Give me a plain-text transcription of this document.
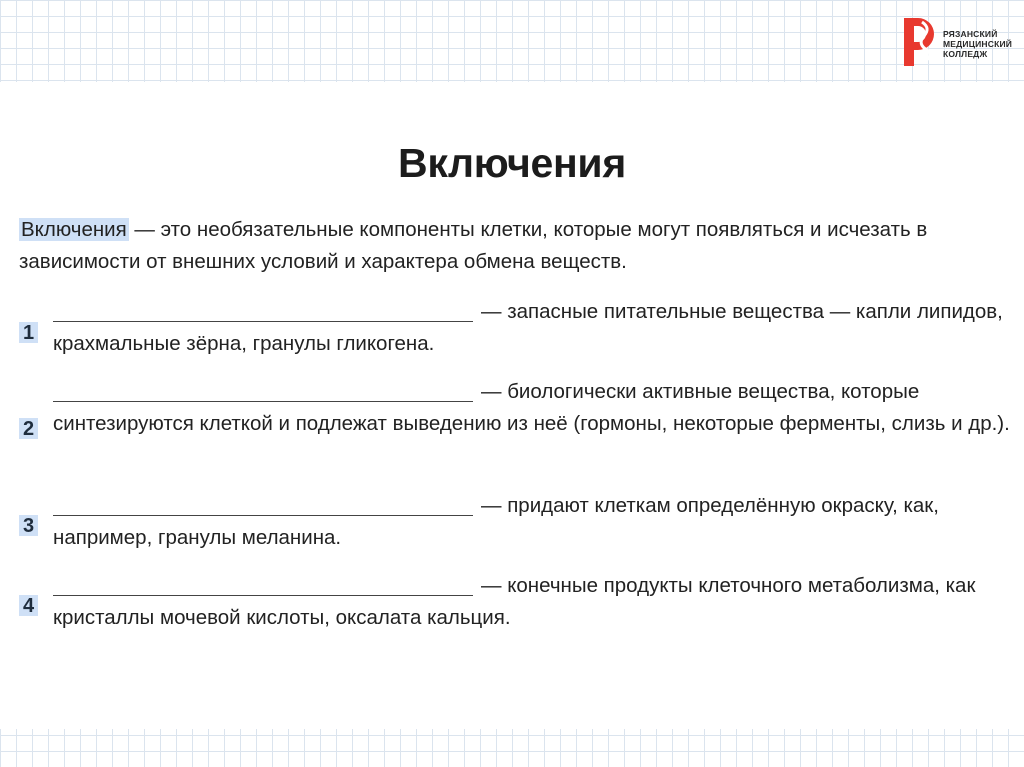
РЯЗАНСКИЙ
МЕДИЦИНСКИЙ
КОЛЛЕДЖ
Включения
Включения — это необязательные компоненты клетки, которые могут появляться и исчезать в зависимости от внешних условий и характера обмена веществ.
1
— запасные питательные вещества — капли липидов, крахмальные зёрна, гранулы гликогена.
2
— биологически активные вещества, которые синтезируются клеткой и подлежат выведению из неё (гормоны, некоторые ферменты, слизь и др.).
3
— придают клеткам определённую окраску, как, например, гранулы меланина.
4
— конечные продукты клеточного метаболизма, как кристаллы мочевой кислоты, оксалата кальция.
